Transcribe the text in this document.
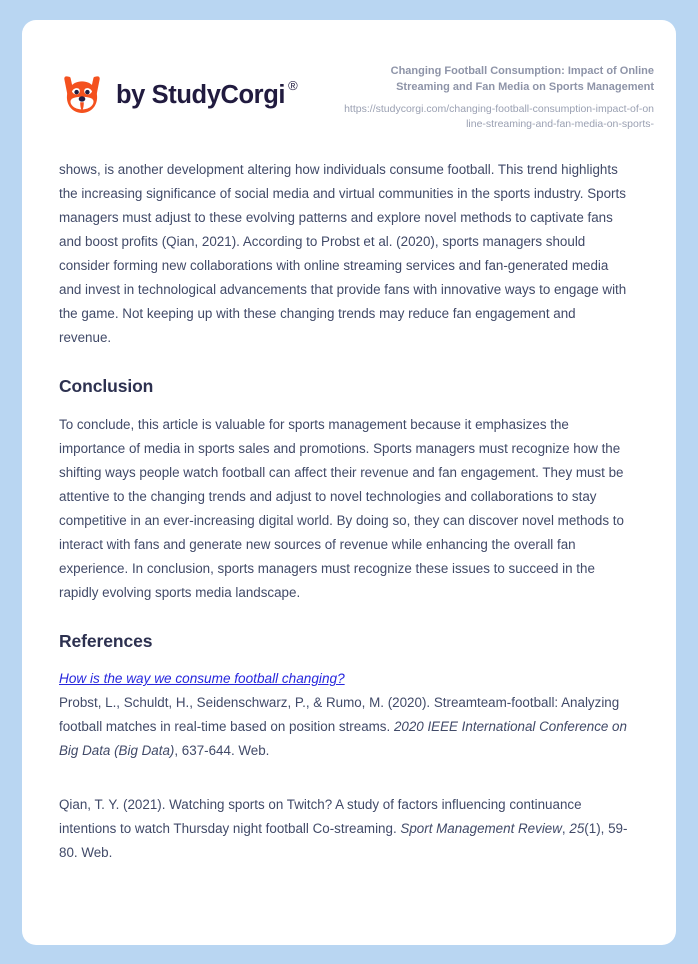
by StudyCorgi ®

Changing Football Consumption: Impact of Online Streaming and Fan Media on Sports Management

https://studycorgi.com/changing-football-consumption-impact-of-online-streaming-and-fan-media-on-sports-

shows, is another development altering how individuals consume football. This trend highlights the increasing significance of social media and virtual communities in the sports industry. Sports managers must adjust to these evolving patterns and explore novel methods to captivate fans and boost profits (Qian, 2021). According to Probst et al. (2020), sports managers should consider forming new collaborations with online streaming services and fan-generated media and invest in technological advancements that provide fans with innovative ways to engage with the game. Not keeping up with these changing trends may reduce fan engagement and revenue.

Conclusion

To conclude, this article is valuable for sports management because it emphasizes the importance of media in sports sales and promotions. Sports managers must recognize how the shifting ways people watch football can affect their revenue and fan engagement. They must be attentive to the changing trends and adjust to novel technologies and collaborations to stay competitive in an ever-increasing digital world. By doing so, they can discover novel methods to interact with fans and generate new sources of revenue while enhancing the overall fan experience. In conclusion, sports managers must recognize these issues to succeed in the rapidly evolving sports media landscape.

References
How is the way we consume football changing?

Probst, L., Schuldt, H., Seidenschwarz, P., & Rumo, M. (2020). Streamteam-football: Analyzing football matches in real-time based on position streams. 2020 IEEE International Conference on Big Data (Big Data), 637-644. Web.

Qian, T. Y. (2021). Watching sports on Twitch? A study of factors influencing continuance intentions to watch Thursday night football Co-streaming. Sport Management Review, 25(1), 59-80. Web.
